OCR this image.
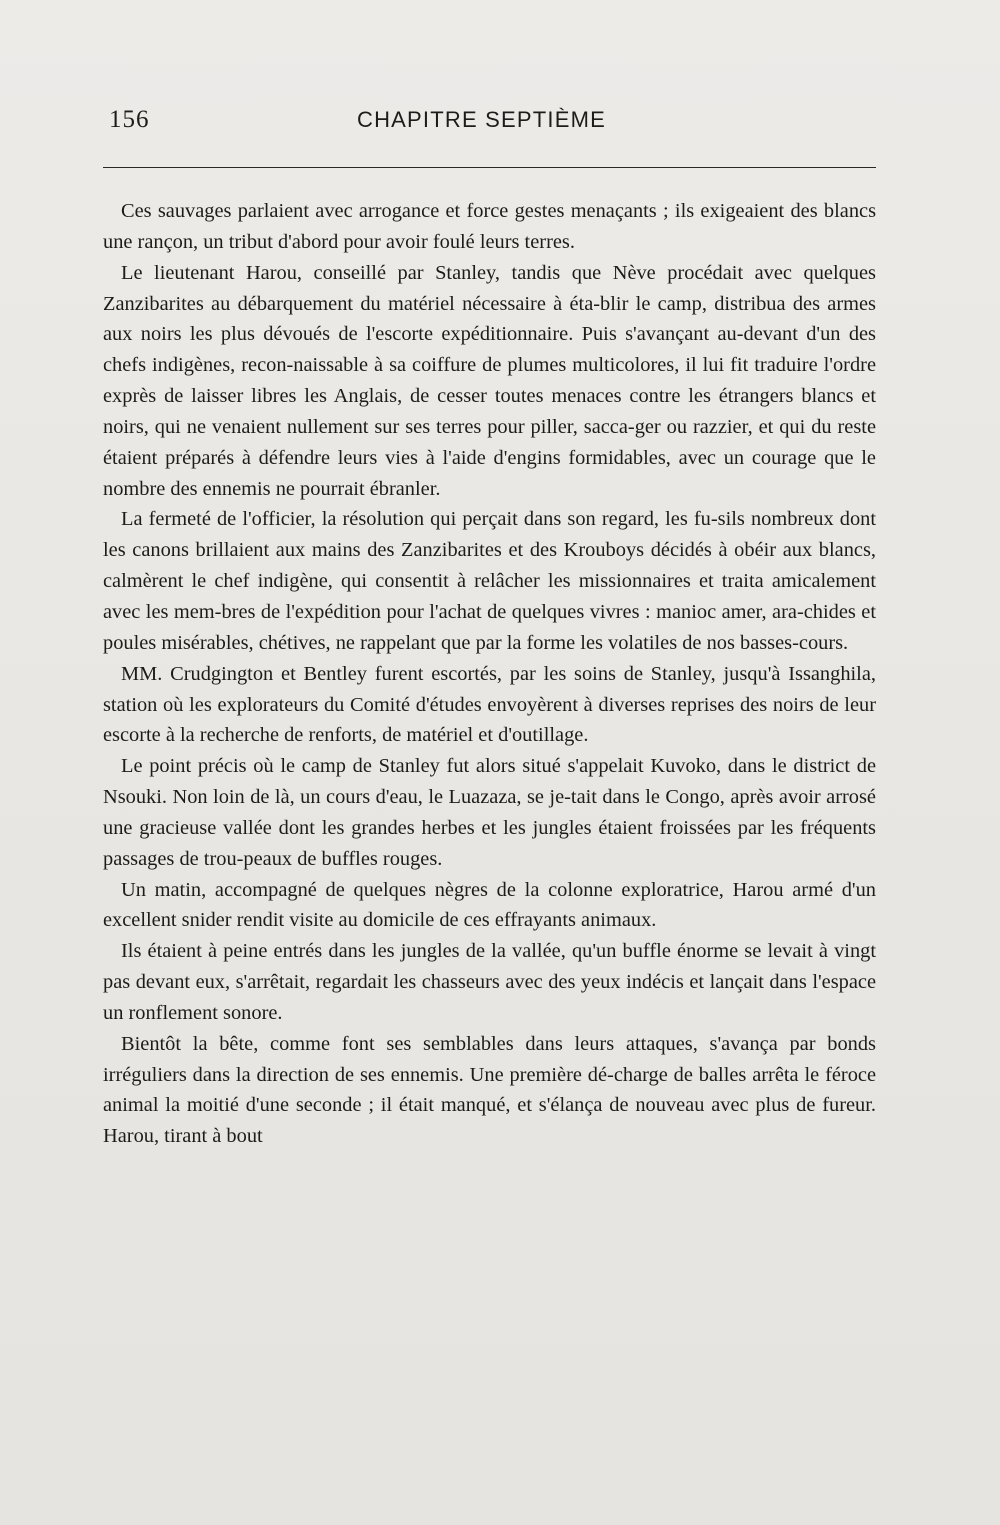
156	CHAPITRE SEPTIÈME

Ces sauvages parlaient avec arrogance et force gestes menaçants ; ils exigeaient des blancs une rançon, un tribut d'abord pour avoir foulé leurs terres.

Le lieutenant Harou, conseillé par Stanley, tandis que Nève procédait avec quelques Zanzibarites au débarquement du matériel nécessaire à éta-blir le camp, distribua des armes aux noirs les plus dévoués de l'escorte expéditionnaire. Puis s'avançant au-devant d'un des chefs indigènes, recon-naissable à sa coiffure de plumes multicolores, il lui fit traduire l'ordre exprès de laisser libres les Anglais, de cesser toutes menaces contre les étrangers blancs et noirs, qui ne venaient nullement sur ses terres pour piller, sacca-ger ou razzier, et qui du reste étaient préparés à défendre leurs vies à l'aide d'engins formidables, avec un courage que le nombre des ennemis ne pourrait ébranler.

La fermeté de l'officier, la résolution qui perçait dans son regard, les fu-sils nombreux dont les canons brillaient aux mains des Zanzibarites et des Krouboys décidés à obéir aux blancs, calmèrent le chef indigène, qui consentit à relâcher les missionnaires et traita amicalement avec les mem-bres de l'expédition pour l'achat de quelques vivres : manioc amer, ara-chides et poules misérables, chétives, ne rappelant que par la forme les volatiles de nos basses-cours.

MM. Crudgington et Bentley furent escortés, par les soins de Stanley, jusqu'à Issanghila, station où les explorateurs du Comité d'études envoyèrent à diverses reprises des noirs de leur escorte à la recherche de renforts, de matériel et d'outillage.

Le point précis où le camp de Stanley fut alors situé s'appelait Kuvoko, dans le district de Nsouki. Non loin de là, un cours d'eau, le Luazaza, se je-tait dans le Congo, après avoir arrosé une gracieuse vallée dont les grandes herbes et les jungles étaient froissées par les fréquents passages de trou-peaux de buffles rouges.

Un matin, accompagné de quelques nègres de la colonne exploratrice, Harou armé d'un excellent snider rendit visite au domicile de ces effrayants animaux.

Ils étaient à peine entrés dans les jungles de la vallée, qu'un buffle énorme se levait à vingt pas devant eux, s'arrêtait, regardait les chasseurs avec des yeux indécis et lançait dans l'espace un ronflement sonore.

Bientôt la bête, comme font ses semblables dans leurs attaques, s'avança par bonds irréguliers dans la direction de ses ennemis. Une première dé-charge de balles arrêta le féroce animal la moitié d'une seconde ; il était manqué, et s'élança de nouveau avec plus de fureur. Harou, tirant à bout
